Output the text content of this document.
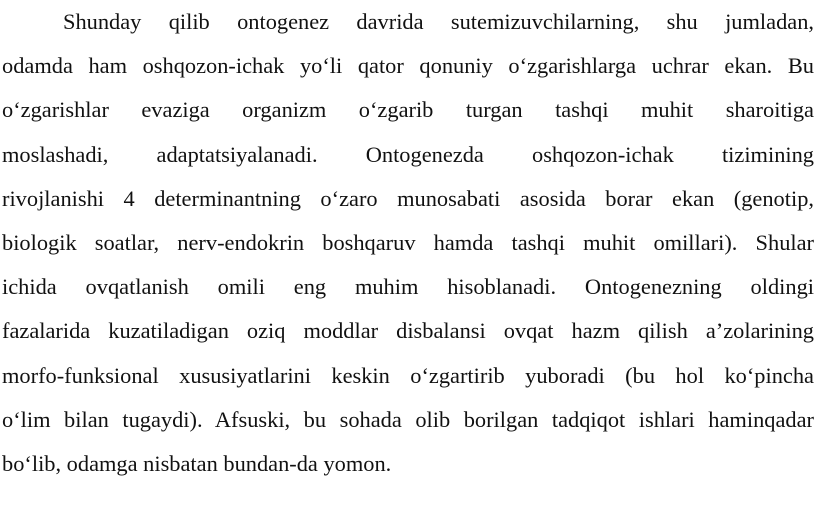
Shunday qilib ontogenez davrida sutemizuvchilarning, shu jumladan,
odamda ham oshqozon-ichak yo‘li qator qonuniy o‘zgarishlarga uchrar ekan. Bu
o‘zgarishlar evaziga organizm o‘zgarib turgan tashqi muhit sharoitiga
moslashadi, adaptatsiyalanadi. Ontogenezda oshqozon-ichak tizimining
rivojlanishi 4 determinantning o‘zaro munosabati asosida borar ekan (genotip,
biologik soatlar, nerv-endokrin boshqaruv hamda tashqi muhit omillari). Shular
ichida ovqatlanish omili eng muhim hisoblanadi. Ontogenezning oldingi
fazalarida kuzatiladigan oziq moddlar disbalansi ovqat hazm qilish a’zolarining
morfo-funksional xususiyatlarini keskin o‘zgartirib yuboradi (bu hol ko‘pincha
o‘lim bilan tugaydi). Afsuski, bu sohada olib borilgan tadqiqot ishlari haminqadar
bo‘lib, odamga nisbatan bundan-da yomon.
